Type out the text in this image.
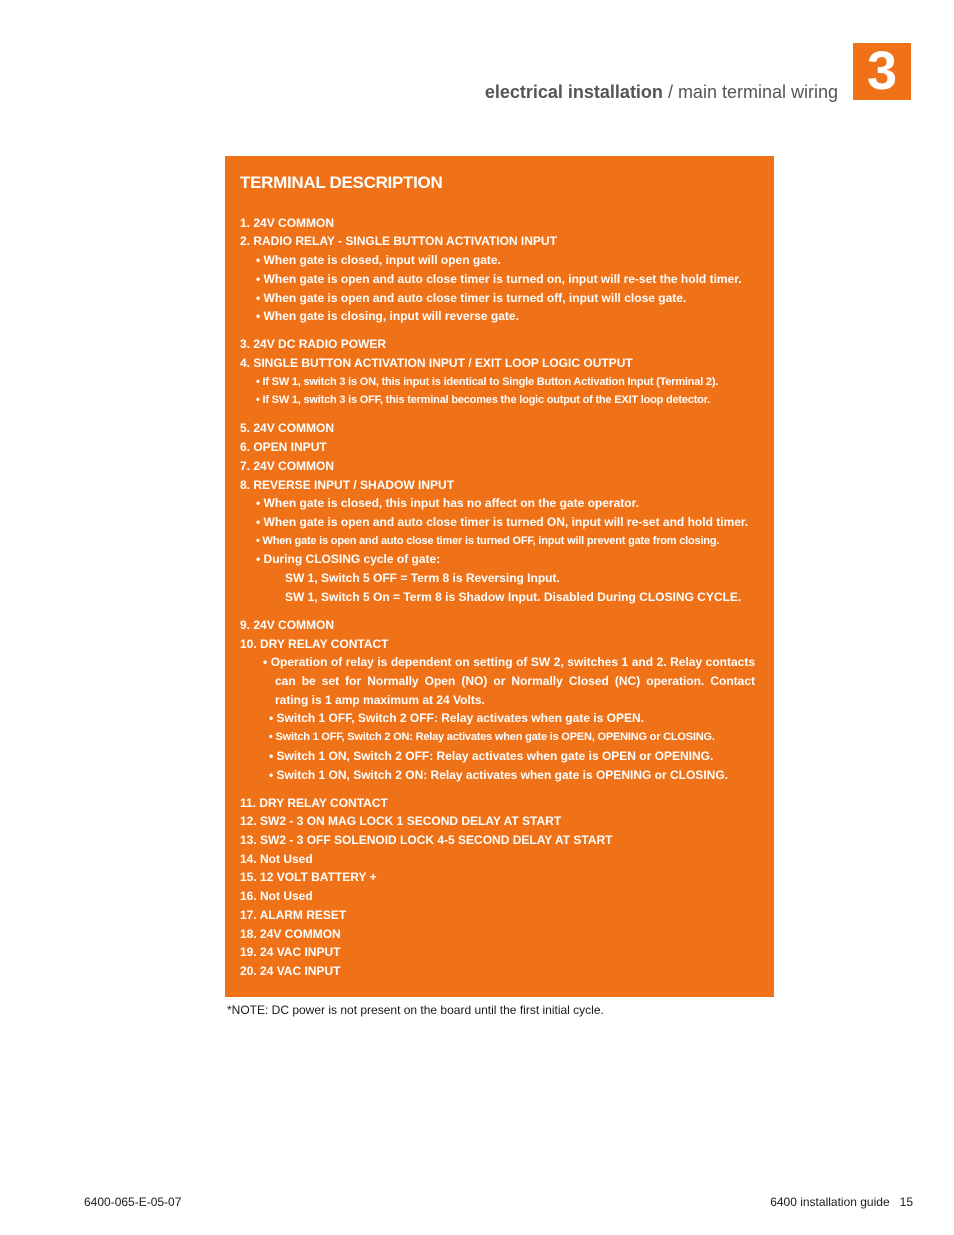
electrical installation / main terminal wiring 3
TERMINAL DESCRIPTION
1. 24V COMMON
2. RADIO RELAY - SINGLE BUTTON ACTIVATION INPUT
• When gate is closed, input will open gate.
• When gate is open and auto close timer is turned on, input will re-set the hold timer.
• When gate is open and auto close timer is turned off, input will close gate.
• When gate is closing, input will reverse gate.
3. 24V DC RADIO POWER
4. SINGLE BUTTON ACTIVATION INPUT / EXIT LOOP LOGIC OUTPUT
• If SW 1, switch 3 is ON, this input is identical to Single Button Activation Input (Terminal 2).
• If SW 1, switch 3 is OFF, this terminal becomes the logic output of the EXIT loop detector.
5. 24V COMMON
6. OPEN INPUT
7. 24V COMMON
8. REVERSE INPUT / SHADOW INPUT
• When gate is closed, this input has no affect on the gate operator.
• When gate is open and auto close timer is turned ON, input will re-set and hold timer.
• When gate is open and auto close timer is turned OFF, input will prevent gate from closing.
• During CLOSING cycle of gate:
SW 1, Switch 5 OFF = Term 8 is Reversing Input.
SW 1, Switch 5 On = Term 8 is Shadow Input. Disabled During CLOSING CYCLE.
9. 24V COMMON
10. DRY RELAY CONTACT
• Operation of relay is dependent on setting of SW 2, switches 1 and 2. Relay contacts
can be set for Normally Open (NO) or Normally Closed (NC) operation. Contact
rating is 1 amp maximum at 24 Volts.
• Switch 1 OFF, Switch 2 OFF: Relay activates when gate is OPEN.
• Switch 1 OFF, Switch 2 ON: Relay activates when gate is OPEN, OPENING or CLOSING.
• Switch 1 ON, Switch 2 OFF: Relay activates when gate is OPEN or OPENING.
• Switch 1 ON, Switch 2 ON: Relay activates when gate is OPENING or CLOSING.
11. DRY RELAY CONTACT
12. SW2 - 3 ON MAG LOCK 1 SECOND DELAY AT START
13. SW2 - 3 OFF SOLENOID LOCK 4-5 SECOND DELAY AT START
14. Not Used
15. 12 VOLT BATTERY +
16. Not Used
17. ALARM RESET
18. 24V COMMON
19. 24 VAC INPUT
20. 24 VAC INPUT
*NOTE: DC power is not present on the board until the first initial cycle.
6400-065-E-05-07	6400 installation guide 15
